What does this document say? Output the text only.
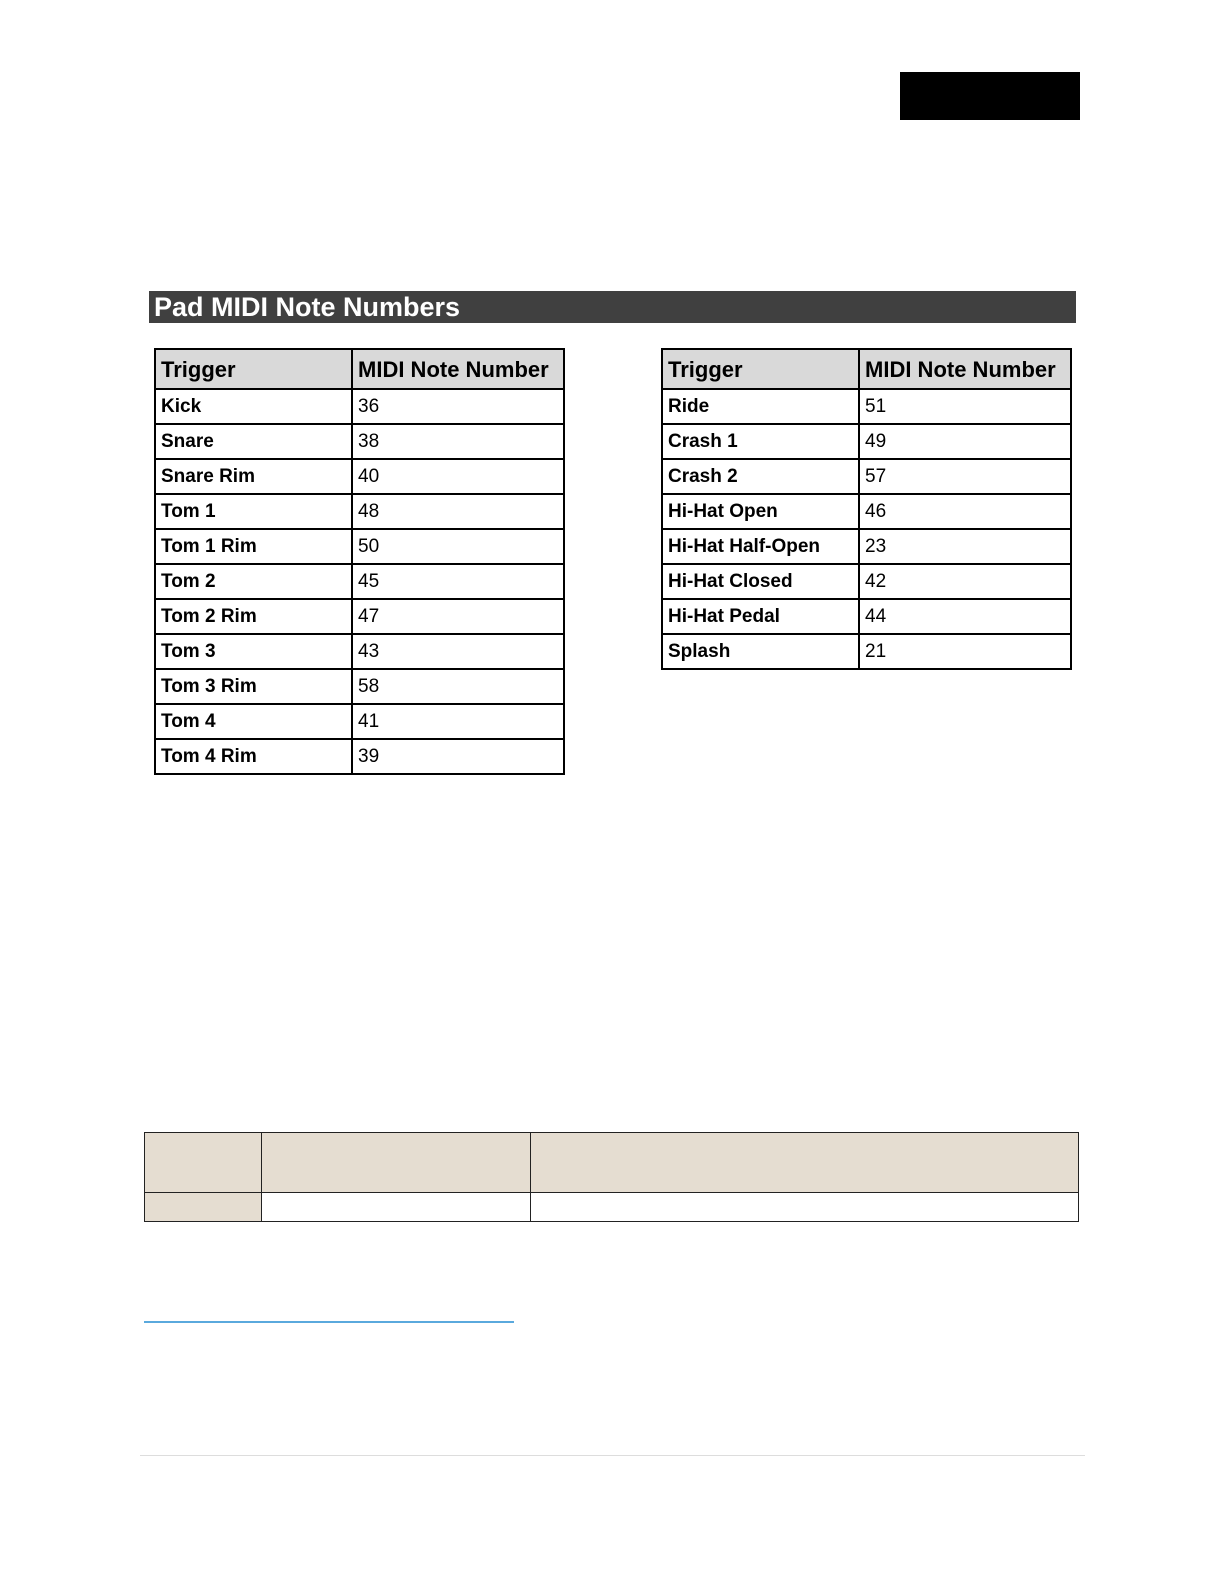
Pad MIDI Note Numbers
Trigger	MIDI Note Number
Kick	36
Snare	38
Snare Rim	40
Tom 1	48
Tom 1 Rim	50
Tom 2	45
Tom 2 Rim	47
Tom 3	43
Tom 3 Rim	58
Tom 4	41
Tom 4 Rim	39
Trigger	MIDI Note Number
Ride	51
Crash 1	49
Crash 2	57
Hi-Hat Open	46
Hi-Hat Half-Open	23
Hi-Hat Closed	42
Hi-Hat Pedal	44
Splash	21
